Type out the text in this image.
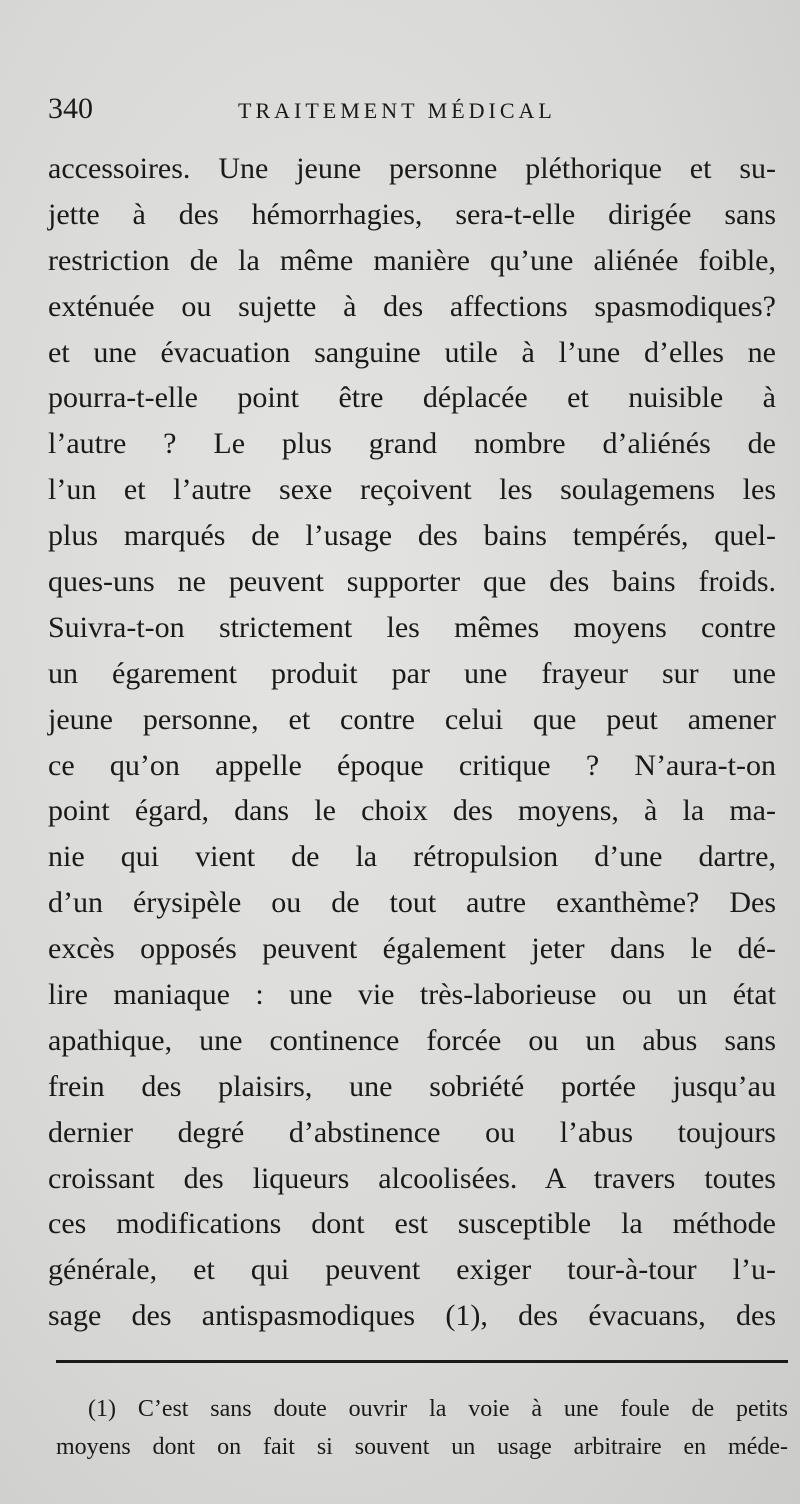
340	TRAITEMENT MÉDICAL
accessoires. Une jeune personne pléthorique et su-
jette à des hémorrhagies, sera-t-elle dirigée sans
restriction de la même manière qu’une aliénée foible,
exténuée ou sujette à des affections spasmodiques?
et une évacuation sanguine utile à l’une d’elles ne
pourra-t-elle point être déplacée et nuisible à
l’autre ? Le plus grand nombre d’aliénés de
l’un et l’autre sexe reçoivent les soulagemens les
plus marqués de l’usage des bains tempérés, quel-
ques-uns ne peuvent supporter que des bains froids.
Suivra-t-on strictement les mêmes moyens contre
un égarement produit par une frayeur sur une
jeune personne, et contre celui que peut amener
ce qu’on appelle époque critique ? N’aura-t-on
point égard, dans le choix des moyens, à la ma-
nie qui vient de la rétropulsion d’une dartre,
d’un érysipèle ou de tout autre exanthème? Des
excès opposés peuvent également jeter dans le dé-
lire maniaque : une vie très-laborieuse ou un état
apathique, une continence forcée ou un abus sans
frein des plaisirs, une sobriété portée jusqu’au
dernier degré d’abstinence ou l’abus toujours
croissant des liqueurs alcoolisées. A travers toutes
ces modifications dont est susceptible la méthode
générale, et qui peuvent exiger tour-à-tour l’u-
sage des antispasmodiques (1), des évacuans, des
(1) C’est sans doute ouvrir la voie à une foule de petits
moyens dont on fait si souvent un usage arbitraire en méde-
